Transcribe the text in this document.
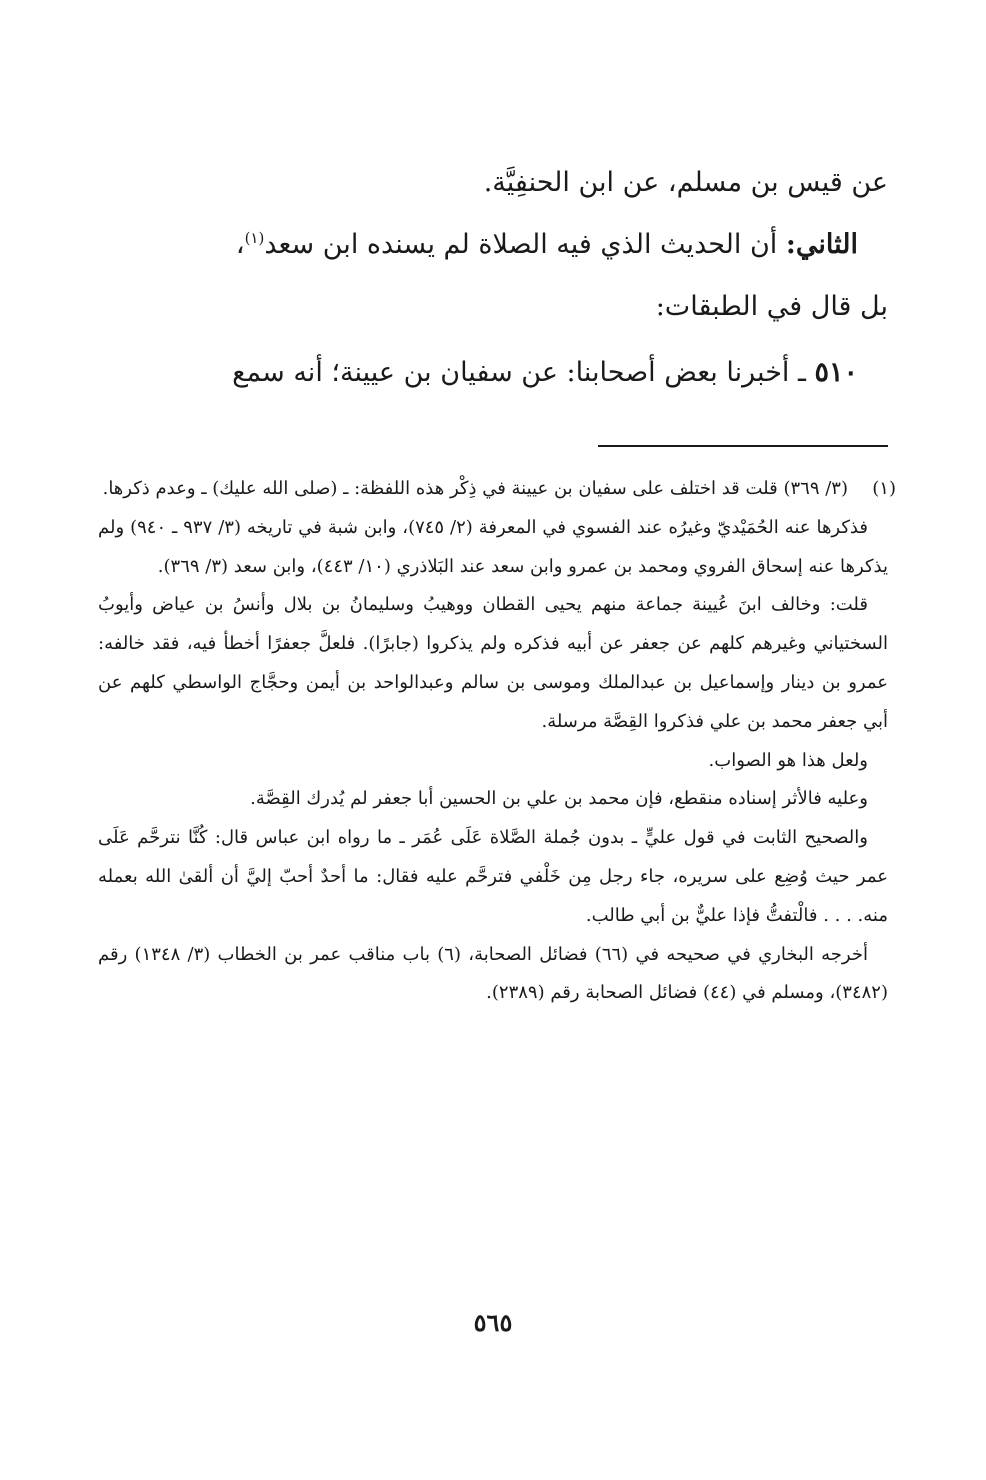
عن قيس بن مسلم، عن ابن الحنفِيَّة.

الثاني: أن الحديث الذي فيه الصلاة لم يسنده ابن سعد$^{(١)}$،

بل قال في الطبقات:

٥١٠ ـ أخبرنا بعض أصحابنا: عن سفيان بن عيينة؛ أنه سمع

(١)
(٣/ ٣٦٩) قلت قد اختلف على سفيان بن عيينة في ذِكْر هذه اللفظة: ـ (صلى الله عليك) ـ وعدم ذكرها.

فذكرها عنه الحُمَيْديّ وغيرُه عند الفسوي في المعرفة (٢/ ٧٤٥)، وابن شبة في تاريخه (٣/ ٩٣٧ ـ ٩٤٠) ولم يذكرها عنه إسحاق الفروي ومحمد بن عمرو وابن سعد عند البَلاذري (١٠/ ٤٤٣)، وابن سعد (٣/ ٣٦٩).

قلت: وخالف ابنَ عُيينة جماعة منهم يحيى القطان ووهيبُ وسليمانُ بن بلال وأنسُ بن عياض وأيوبُ السختياني وغيرهم كلهم عن جعفر عن أبيه فذكره ولم يذكروا (جابرًا). فلعلَّ جعفرًا أخطأ فيه، فقد خالفه: عمرو بن دينار وإسماعيل بن عبدالملك وموسى بن سالم وعبدالواحد بن أيمن وحجَّاج الواسطي كلهم عن أبي جعفر محمد بن علي فذكروا القِصَّة مرسلة.

ولعل هذا هو الصواب.

وعليه فالأثر إسناده منقطع، فإن محمد بن علي بن الحسين أبا جعفر لم يُدرك القِصَّة.

والصحيح الثابت في قول عليٍّ ـ بدون جُملة الصَّلاة عَلَى عُمَر ـ ما رواه ابن عباس قال: كُنَّا نترحَّم عَلَى عمر حيث وُضِع على سريره، جاء رجل مِن خَلْفي فترحَّم عليه فقال: ما أحدٌ أحبّ إليَّ أن ألقىٰ الله بعمله منه. . . . فالْتفتُّ فإذا عليٌّ بن أبي طالب.

أخرجه البخاري في صحيحه في (٦٦) فضائل الصحابة، (٦) باب مناقب عمر بن الخطاب (٣/ ١٣٤٨) رقم (٣٤٨٢)، ومسلم في (٤٤) فضائل الصحابة رقم (٢٣٨٩).

٥٦٥
